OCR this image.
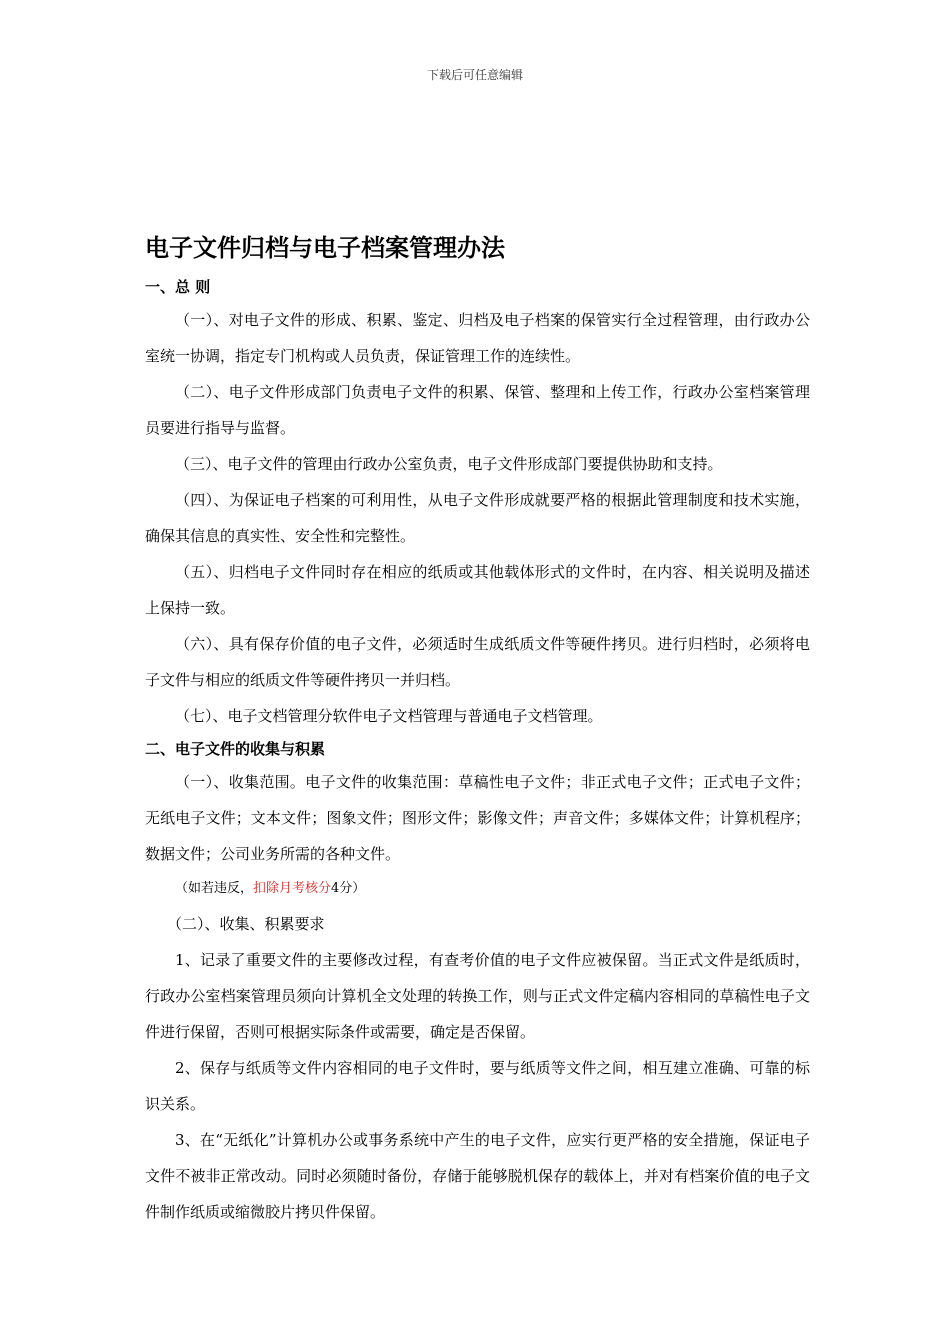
下载后可任意编辑
电子文件归档与电子档案管理办法

一、总 则

（一）、对电子文件的形成、积累、鉴定、归档及电子档案的保管实行全过程管理，由行政办公室统一协调，指定专门机构或人员负责，保证管理工作的连续性。

（二）、电子文件形成部门负责电子文件的积累、保管、整理和上传工作，行政办公室档案管理员要进行指导与监督。

（三）、电子文件的管理由行政办公室负责，电子文件形成部门要提供协助和支持。

（四）、为保证电子档案的可利用性，从电子文件形成就要严格的根据此管理制度和技术实施，确保其信息的真实性、安全性和完整性。

（五）、归档电子文件同时存在相应的纸质或其他载体形式的文件时，在内容、相关说明及描述上保持一致。

（六）、具有保存价值的电子文件，必须适时生成纸质文件等硬件拷贝。进行归档时，必须将电子文件与相应的纸质文件等硬件拷贝一并归档。

（七）、电子文档管理分软件电子文档管理与普通电子文档管理。

二、电子文件的收集与积累

（一）、收集范围。电子文件的收集范围：草稿性电子文件；非正式电子文件；正式电子文件；无纸电子文件；文本文件；图象文件；图形文件；影像文件；声音文件；多媒体文件；计算机程序；数据文件；公司业务所需的各种文件。

（如若违反，扣除月考核分4分）

（二）、收集、积累要求

1、记录了重要文件的主要修改过程，有查考价值的电子文件应被保留。当正式文件是纸质时，行政办公室档案管理员须向计算机全文处理的转换工作，则与正式文件定稿内容相同的草稿性电子文件进行保留，否则可根据实际条件或需要，确定是否保留。

2、保存与纸质等文件内容相同的电子文件时，要与纸质等文件之间，相互建立准确、可靠的标识关系。

3、在“无纸化”计算机办公或事务系统中产生的电子文件，应实行更严格的安全措施，保证电子文件不被非正常改动。同时必须随时备份，存储于能够脱机保存的载体上，并对有档案价值的电子文件制作纸质或缩微胶片拷贝件保留。
